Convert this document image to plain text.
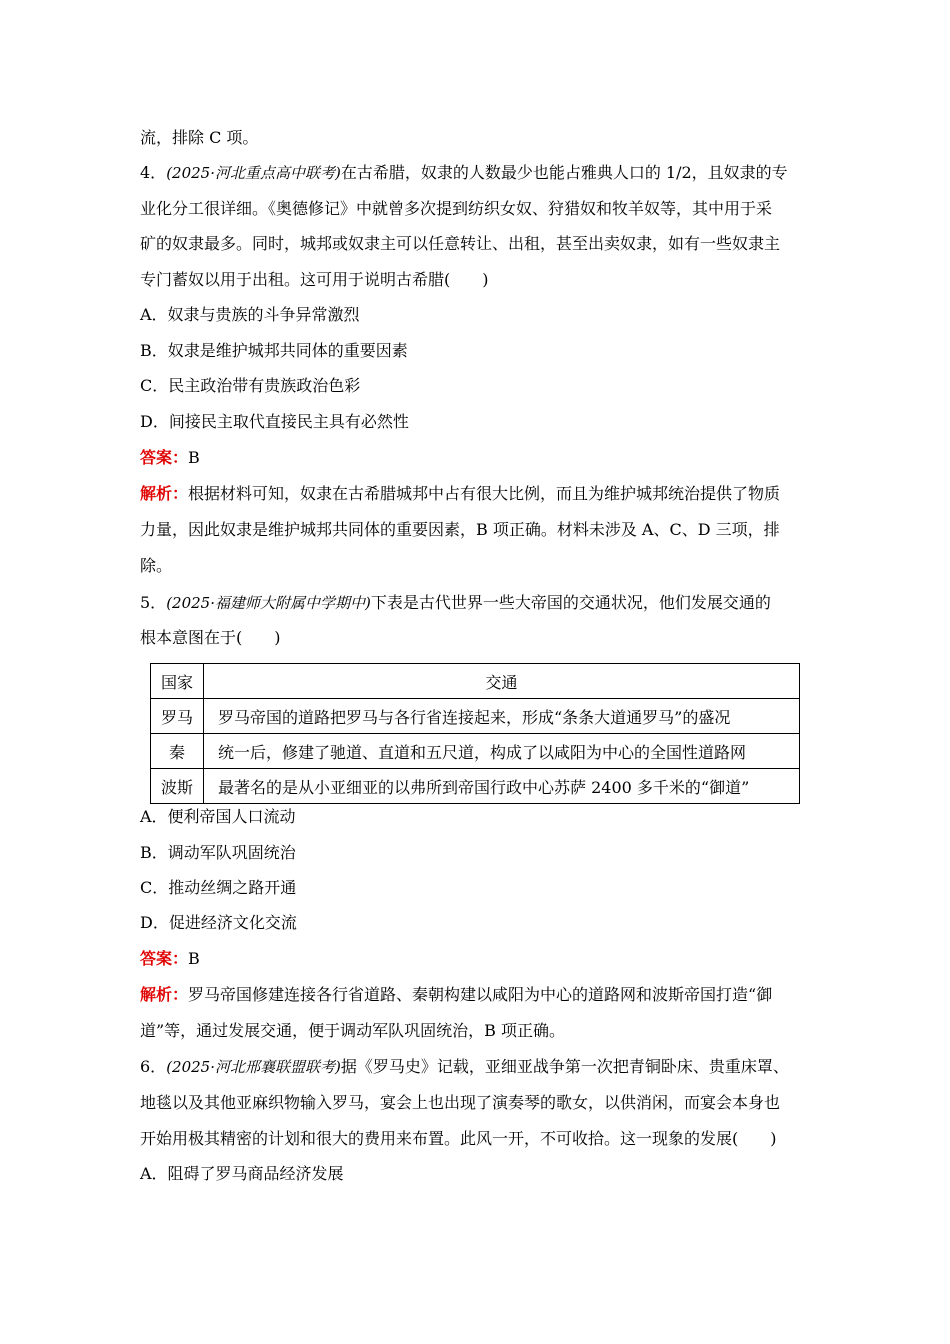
流，排除 C 项。
4．(2025·河北重点高中联考)在古希腊，奴隶的人数最少也能占雅典人口的 1/2，且奴隶的专
业化分工很详细。《奥德修记》中就曾多次提到纺织女奴、狩猎奴和牧羊奴等，其中用于采
矿的奴隶最多。同时，城邦或奴隶主可以任意转让、出租，甚至出卖奴隶，如有一些奴隶主
专门蓄奴以用于出租。这可用于说明古希腊(　　)
A．奴隶与贵族的斗争异常激烈
B．奴隶是维护城邦共同体的重要因素
C．民主政治带有贵族政治色彩
D．间接民主取代直接民主具有必然性
答案：B
解析：根据材料可知，奴隶在古希腊城邦中占有很大比例，而且为维护城邦统治提供了物质
力量，因此奴隶是维护城邦共同体的重要因素，B 项正确。材料未涉及 A、C、D 三项，排
除。
5．(2025·福建师大附属中学期中)下表是古代世界一些大帝国的交通状况，他们发展交通的
根本意图在于(　　)
国家	交通
罗马	罗马帝国的道路把罗马与各行省连接起来，形成“条条大道通罗马”的盛况
秦	统一后，修建了驰道、直道和五尺道，构成了以咸阳为中心的全国性道路网
波斯	最著名的是从小亚细亚的以弗所到帝国行政中心苏萨 2400 多千米的“御道”
A．便利帝国人口流动
B．调动军队巩固统治
C．推动丝绸之路开通
D．促进经济文化交流
答案：B
解析：罗马帝国修建连接各行省道路、秦朝构建以咸阳为中心的道路网和波斯帝国打造“御
道”等，通过发展交通，便于调动军队巩固统治，B 项正确。
6．(2025·河北邢襄联盟联考)据《罗马史》记载，亚细亚战争第一次把青铜卧床、贵重床罩、
地毯以及其他亚麻织物输入罗马，宴会上也出现了演奏琴的歌女，以供消闲，而宴会本身也
开始用极其精密的计划和很大的费用来布置。此风一开，不可收拾。这一现象的发展(　　)
A．阻碍了罗马商品经济发展
